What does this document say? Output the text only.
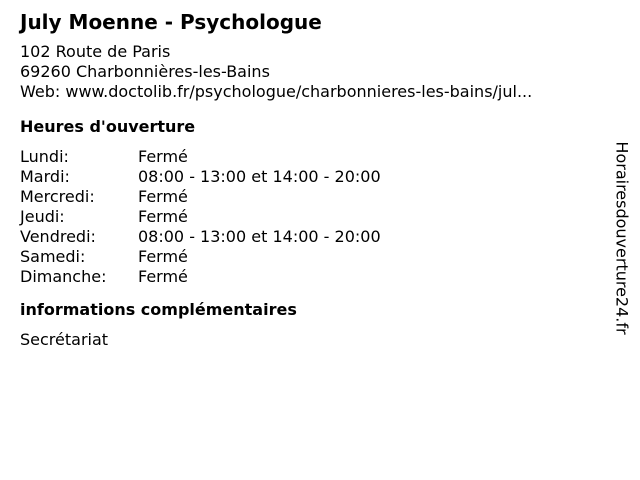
July Moenne - Psychologue
102 Route de Paris
69260 Charbonnières-les-Bains
Web: www.doctolib.fr/psychologue/charbonnieres-les-bains/jul...
Heures d'ouverture
Lundi:	Fermé
Mardi:	08:00 - 13:00 et 14:00 - 20:00
Mercredi:	Fermé
Jeudi:	Fermé
Vendredi:	08:00 - 13:00 et 14:00 - 20:00
Samedi:	Fermé
Dimanche:	Fermé
informations complémentaires
Secrétariat
Horairesdouverture24.fr
